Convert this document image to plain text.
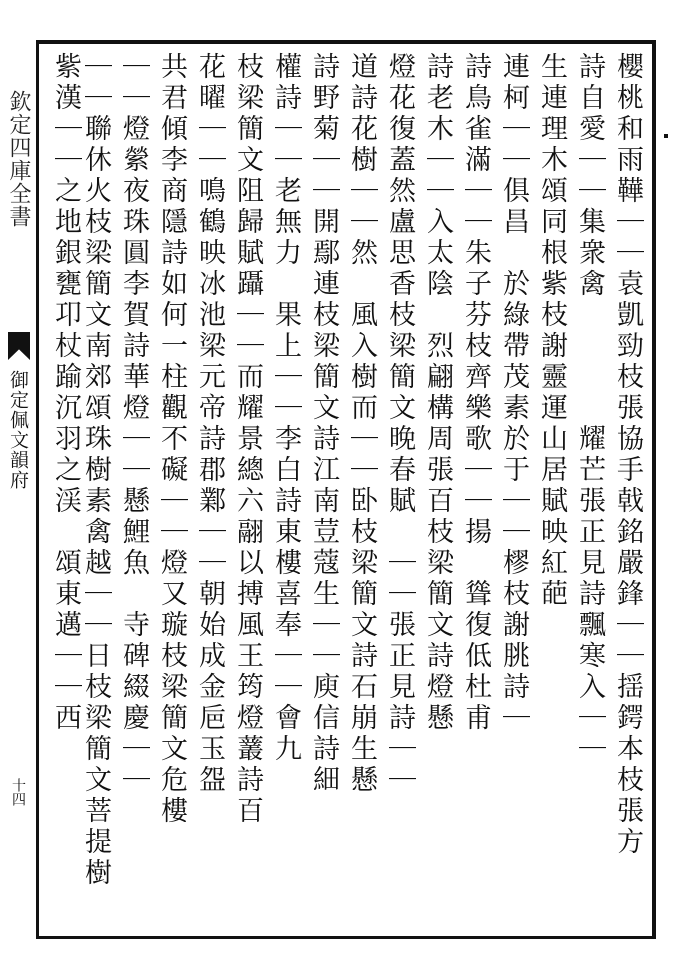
欽定四庫全書
御定佩文韻府
十四	櫻桃和雨鞾｜｜袁凱勁枝張協手戟銘嚴鋒｜｜揺鍔本枝張方
詩自愛｜｜集衆禽　　　　耀芒張正見詩飄寒入｜｜
生連理木頌同根紫枝謝靈運山居賦映紅葩
連柯｜｜俱昌　於綠帶茂素於于｜｜樛枝謝朓詩｜
詩鳥雀滿｜｜朱子芬枝齊樂歌｜｜揚　聳復低杜甫
詩老木｜｜入太陰　烈翩構周張百枝梁簡文詩燈懸
燈花復蓋然盧思香枝梁簡文晚春賦　｜｜張正見詩｜｜
道詩花樹｜｜然　風入樹而｜｜卧枝梁簡文詩石崩生懸
詩野菊｜｜開鄢連枝梁簡文詩江南荳蔻生｜｜庾信詩細
權詩｜｜老無力　果上｜｜李白詩東樓喜奉｜｜會九
枝梁簡文阻歸賦躡｜｜而耀景總六翮以搏風王筠燈䕺詩百
花曜｜｜鳴鶴映冰池梁元帝詩郡鄴｜｜朝始成金巵玉盌
共君傾李商隱詩如何一柱觀不礙｜｜燈又璇枝梁簡文危樓
｜｜燈縈夜珠圓李賀詩華燈｜｜懸鯉魚　寺碑綴慶｜｜
｜｜聯休火枝梁簡文南郊頌珠樹素禽越｜｜日枝梁簡文菩提樹
紫漢｜｜之地銀甕卭杖踰沉羽之渓　頌東邁｜｜西
